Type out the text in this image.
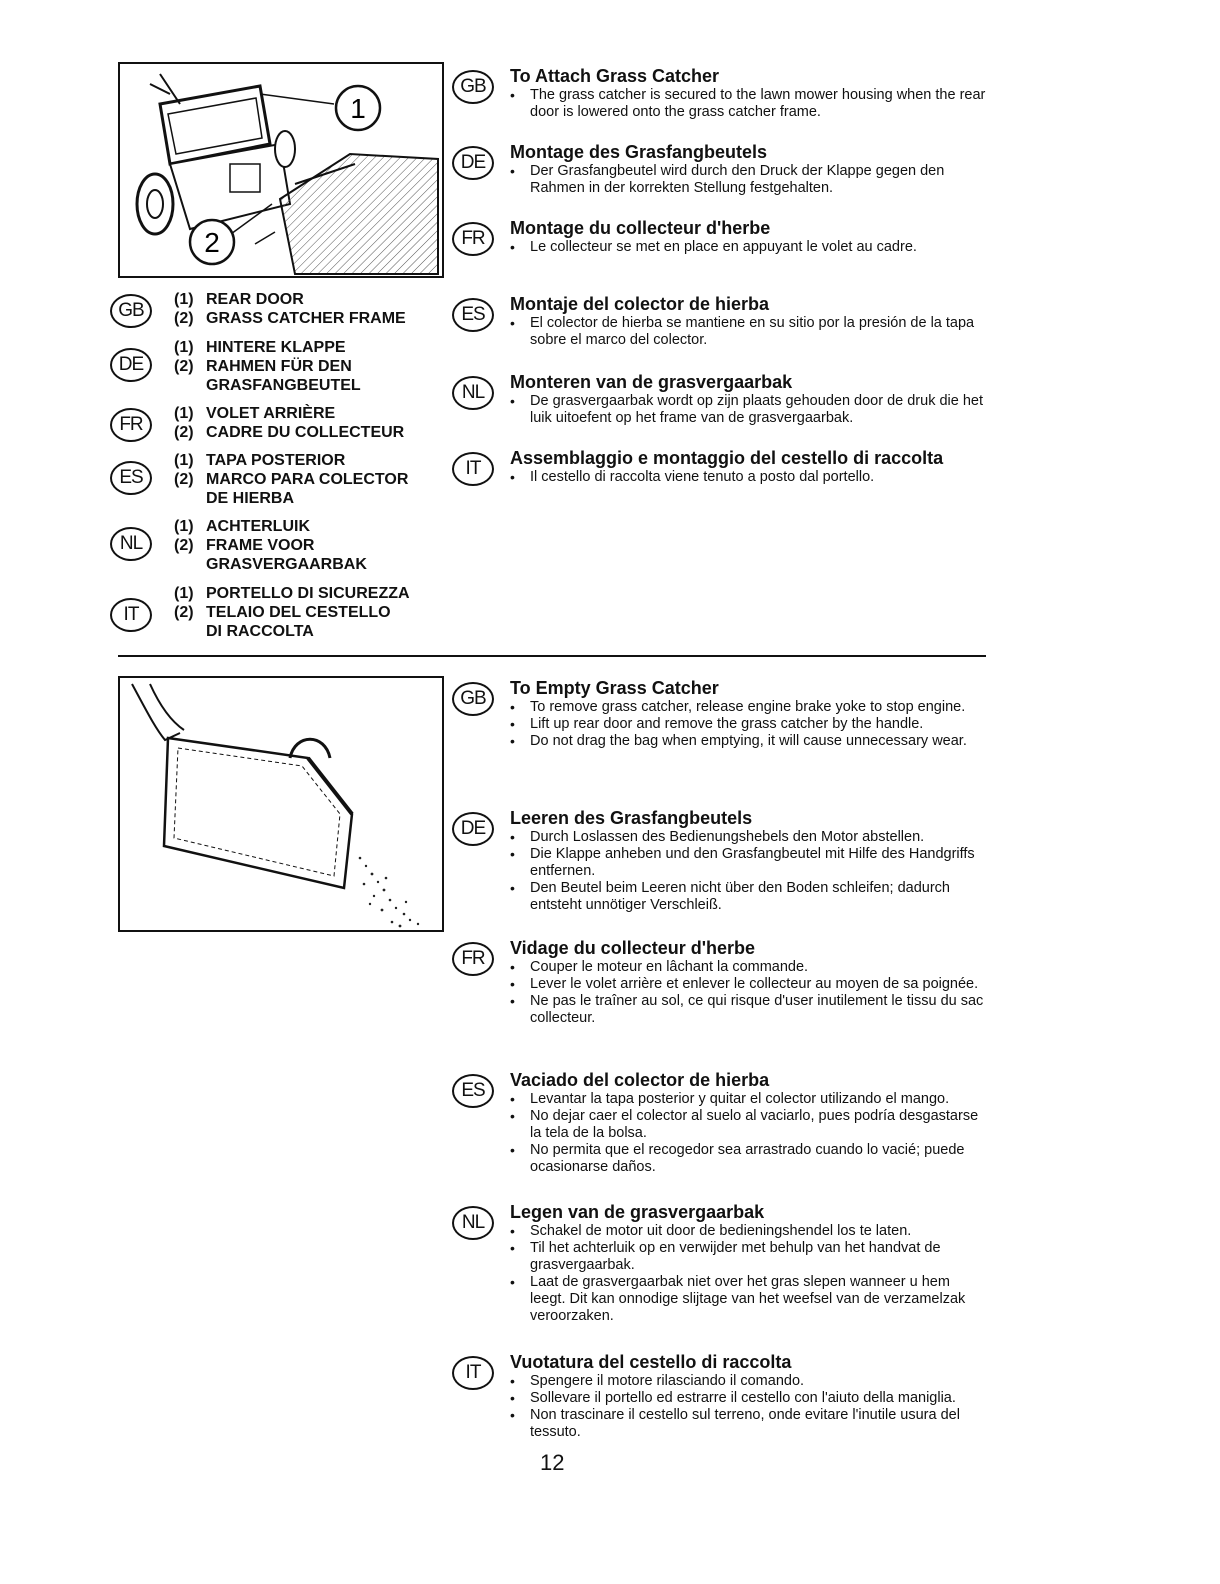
1
2
GB
(1) REAR DOOR
(2) GRASS CATCHER FRAME
DE
(1) HINTERE KLAPPE
(2) RAHMEN FÜR DEN
GRASFANGBEUTEL
FR
(1) VOLET ARRIÈRE
(2) CADRE DU COLLECTEUR
ES
(1) TAPA POSTERIOR
(2) MARCO PARA COLECTOR
DE HIERBA
NL
(1) ACHTERLUIK
(2) FRAME VOOR
GRASVERGAARBAK
IT
(1) PORTELLO DI SICUREZZA
(2) TELAIO DEL CESTELLO
DI RACCOLTA
GB	To Attach Grass Catcher
• The grass catcher is secured to the lawn mower housing when the rear door is lowered onto the grass catcher frame.
DE	Montage des Grasfangbeutels
• Der Grasfangbeutel wird durch den Druck der Klappe gegen den Rahmen in der korrekten Stellung festgehalten.
FR	Montage du collecteur d'herbe
• Le collecteur se met en place en appuyant le volet au cadre.
ES	Montaje del colector de hierba
• El colector de hierba se mantiene en su sitio por la presión de la tapa sobre el marco del colector.
NL	Monteren van de grasvergaarbak
• De grasvergaarbak wordt op zijn plaats gehouden door de druk die het luik uitoefent op het frame van de grasvergaarbak.
IT	Assemblaggio e montaggio del cestello di raccolta
• Il cestello di raccolta viene tenuto a posto dal portello.
GB	To Empty Grass Catcher
• To remove grass catcher, release engine brake yoke to stop engine.
• Lift up rear door and remove the grass catcher by the handle.
• Do not drag the bag when emptying, it will cause unnecessary wear.
DE	Leeren des Grasfangbeutels
• Durch Loslassen des Bedienungshebels den Motor abstellen.
• Die Klappe anheben und den Grasfangbeutel mit Hilfe des Handgriffs entfernen.
• Den Beutel beim Leeren nicht über den Boden schleifen; dadurch entsteht unnötiger Verschleiß.
FR	Vidage du collecteur d'herbe
• Couper le moteur en lâchant la commande.
• Lever le volet arrière et enlever le collecteur au moyen de sa poignée.
• Ne pas le traîner au sol, ce qui risque d'user inutilement le tissu du sac collecteur.
ES	Vaciado del colector de hierba
• Levantar la tapa posterior y quitar el colector utilizando el mango.
• No dejar caer el colector al suelo al vaciarlo, pues podría desgastarse la tela de la bolsa.
• No permita que el recogedor sea arrastrado cuando lo vacié; puede ocasionarse daños.
NL	Legen van de grasvergaarbak
• Schakel de motor uit door de bedieningshendel los te laten.
• Til het achterluik op en verwijder met behulp van het handvat de grasvergaarbak.
• Laat de grasvergaarbak niet over het gras slepen wanneer u hem leegt. Dit kan onnodige slijtage van het weefsel van de verzamelzak veroorzaken.
IT	Vuotatura del cestello di raccolta
• Spengere il motore rilasciando il comando.
• Sollevare il portello ed estrarre il cestello con l'aiuto della maniglia.
• Non trascinare il cestello sul terreno, onde evitare l'inutile usura del tessuto.
12
